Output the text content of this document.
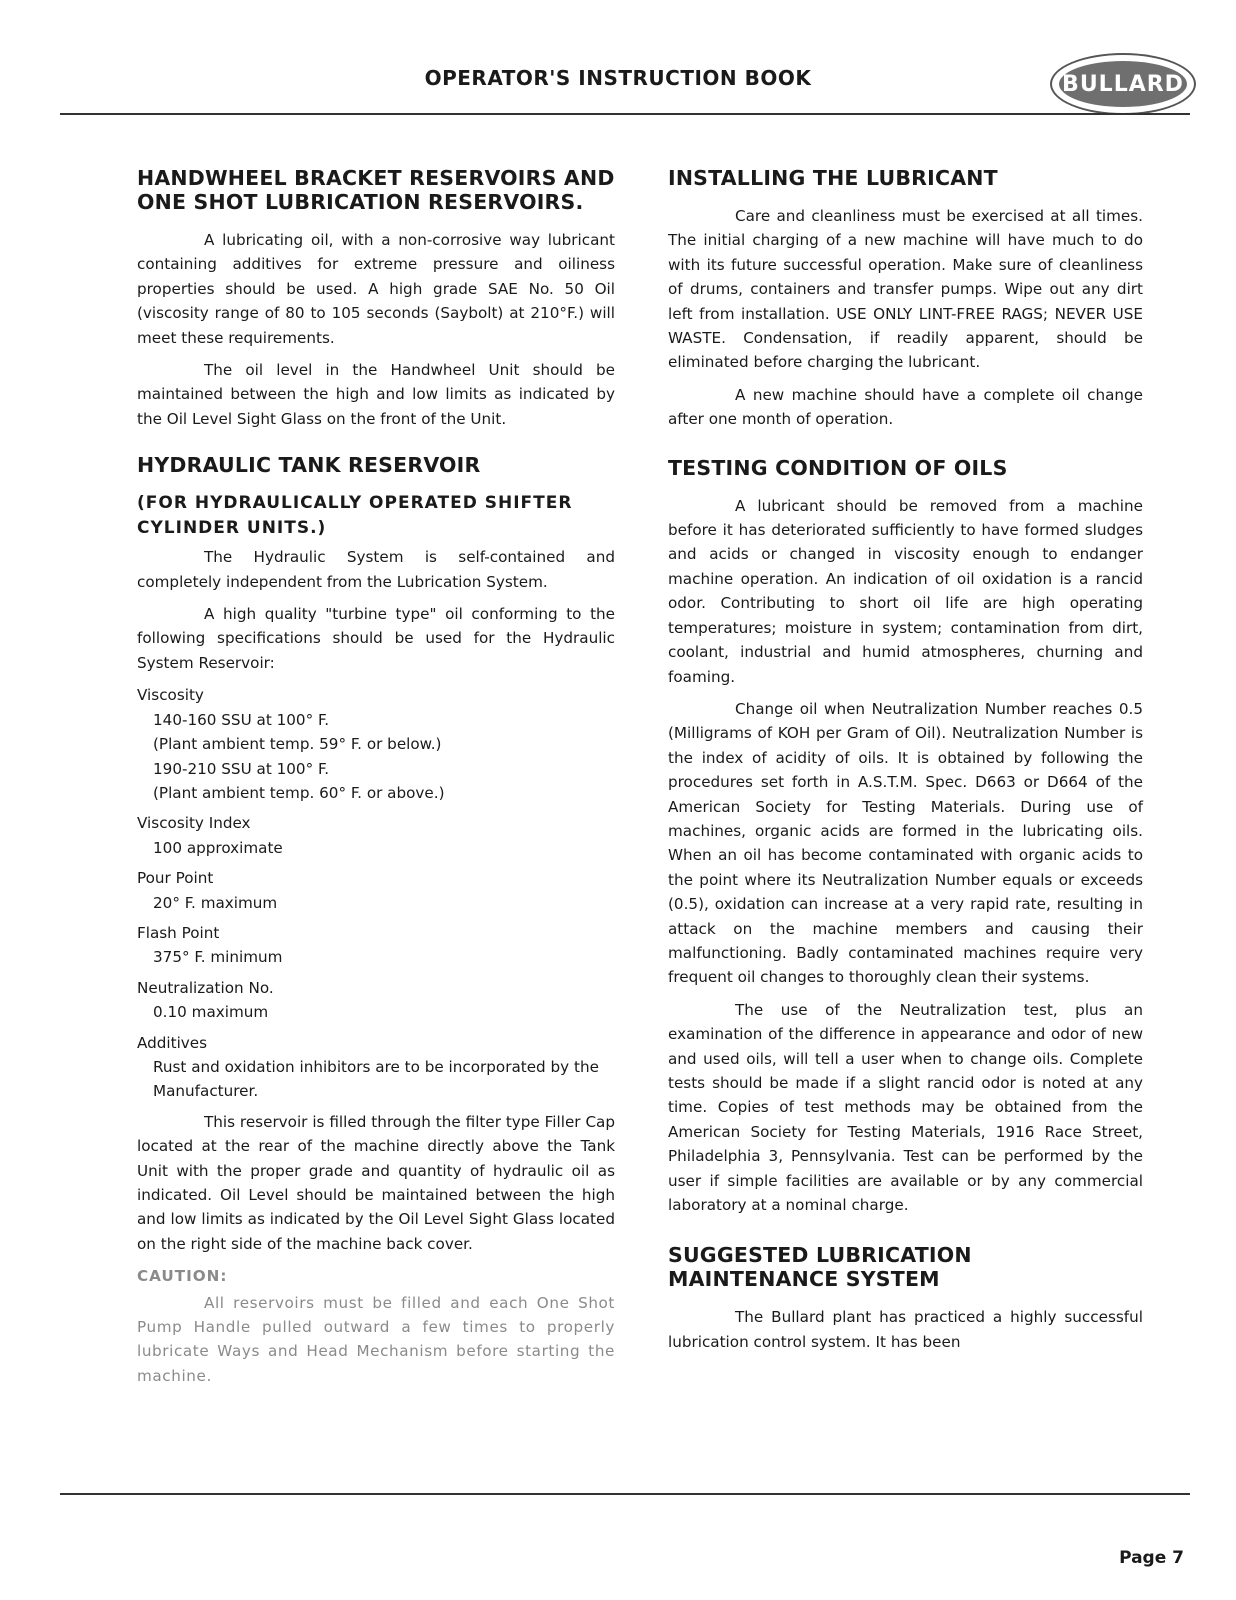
OPERATOR'S INSTRUCTION BOOK	BULLARD
HANDWHEEL BRACKET RESERVOIRS AND ONE SHOT LUBRICATION RESERVOIRS.

A lubricating oil, with a non-corrosive way lubricant containing additives for extreme pressure and oiliness properties should be used. A high grade SAE No. 50 Oil (viscosity range of 80 to 105 seconds (Saybolt) at 210°F.) will meet these requirements.

The oil level in the Handwheel Unit should be maintained between the high and low limits as indicated by the Oil Level Sight Glass on the front of the Unit.

HYDRAULIC TANK RESERVOIR
(FOR HYDRAULICALLY OPERATED SHIFTER CYLINDER UNITS.)

The Hydraulic System is self-contained and completely independent from the Lubrication System.

A high quality "turbine type" oil conforming to the following specifications should be used for the Hydraulic System Reservoir:

Viscosity
140-160 SSU at 100° F.
(Plant ambient temp. 59° F. or below.)
190-210 SSU at 100° F.
(Plant ambient temp. 60° F. or above.)
Viscosity Index
100 approximate
Pour Point
20° F. maximum
Flash Point
375° F. minimum
Neutralization No.
0.10 maximum
Additives
Rust and oxidation inhibitors are to be incorporated by the Manufacturer.

This reservoir is filled through the filter type Filler Cap located at the rear of the machine directly above the Tank Unit with the proper grade and quantity of hydraulic oil as indicated. Oil Level should be maintained between the high and low limits as indicated by the Oil Level Sight Glass located on the right side of the machine back cover.

CAUTION:

All reservoirs must be filled and each One Shot Pump Handle pulled outward a few times to properly lubricate Ways and Head Mechanism before starting the machine.

INSTALLING THE LUBRICANT

Care and cleanliness must be exercised at all times. The initial charging of a new machine will have much to do with its future successful operation. Make sure of cleanliness of drums, containers and transfer pumps. Wipe out any dirt left from installation. USE ONLY LINT-FREE RAGS; NEVER USE WASTE. Condensation, if readily apparent, should be eliminated before charging the lubricant.

A new machine should have a complete oil change after one month of operation.

TESTING CONDITION OF OILS

A lubricant should be removed from a machine before it has deteriorated sufficiently to have formed sludges and acids or changed in viscosity enough to endanger machine operation. An indication of oil oxidation is a rancid odor. Contributing to short oil life are high operating temperatures; moisture in system; contamination from dirt, coolant, industrial and humid atmospheres, churning and foaming.

Change oil when Neutralization Number reaches 0.5 (Milligrams of KOH per Gram of Oil). Neutralization Number is the index of acidity of oils. It is obtained by following the procedures set forth in A.S.T.M. Spec. D663 or D664 of the American Society for Testing Materials. During use of machines, organic acids are formed in the lubricating oils. When an oil has become contaminated with organic acids to the point where its Neutralization Number equals or exceeds (0.5), oxidation can increase at a very rapid rate, resulting in attack on the machine members and causing their malfunctioning. Badly contaminated machines require very frequent oil changes to thoroughly clean their systems.

The use of the Neutralization test, plus an examination of the difference in appearance and odor of new and used oils, will tell a user when to change oils. Complete tests should be made if a slight rancid odor is noted at any time. Copies of test methods may be obtained from the American Society for Testing Materials, 1916 Race Street, Philadelphia 3, Pennsylvania. Test can be performed by the user if simple facilities are available or by any commercial laboratory at a nominal charge.

SUGGESTED LUBRICATION MAINTENANCE SYSTEM

The Bullard plant has practiced a highly successful lubrication control system. It has been

Page 7
